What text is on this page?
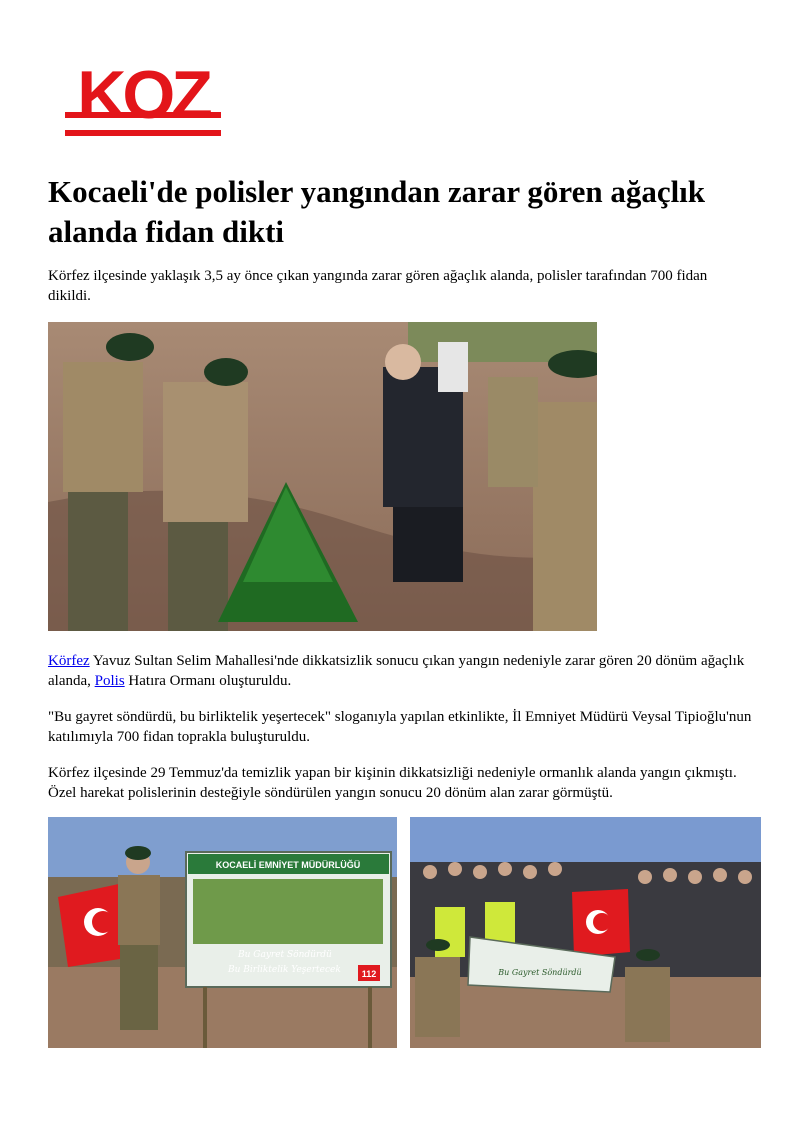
KOZ
Kocaeli'de polisler yangından zarar gören ağaçlık alanda fidan dikti

Körfez ilçesinde yaklaşık 3,5 ay önce çıkan yangında zarar gören ağaçlık alanda, polisler tarafından 700 fidan dikildi.

Körfez Yavuz Sultan Selim Mahallesi'nde dikkatsizlik sonucu çıkan yangın nedeniyle zarar gören 20 dönüm ağaçlık alanda, Polis Hatıra Ormanı oluşturuldu.

"Bu gayret söndürdü, bu birliktelik yeşertecek" sloganıyla yapılan etkinlikte, İl Emniyet Müdürü Veysal Tipioğlu'nun katılımıyla 700 fidan toprakla buluşturuldu.

Körfez ilçesinde 29 Temmuz'da temizlik yapan bir kişinin dikkatsizliği nedeniyle ormanlık alanda yangın çıkmıştı. Özel harekat polislerinin desteğiyle söndürülen yangın sonucu 20 dönüm alan zarar görmüştü.

KOCAELİ EMNİYET MÜDÜRLÜĞÜ
Bu Gayret Söndürdü
Bu Birliktelik Yeşertecek 112	Bu Gayret Söndürdü
